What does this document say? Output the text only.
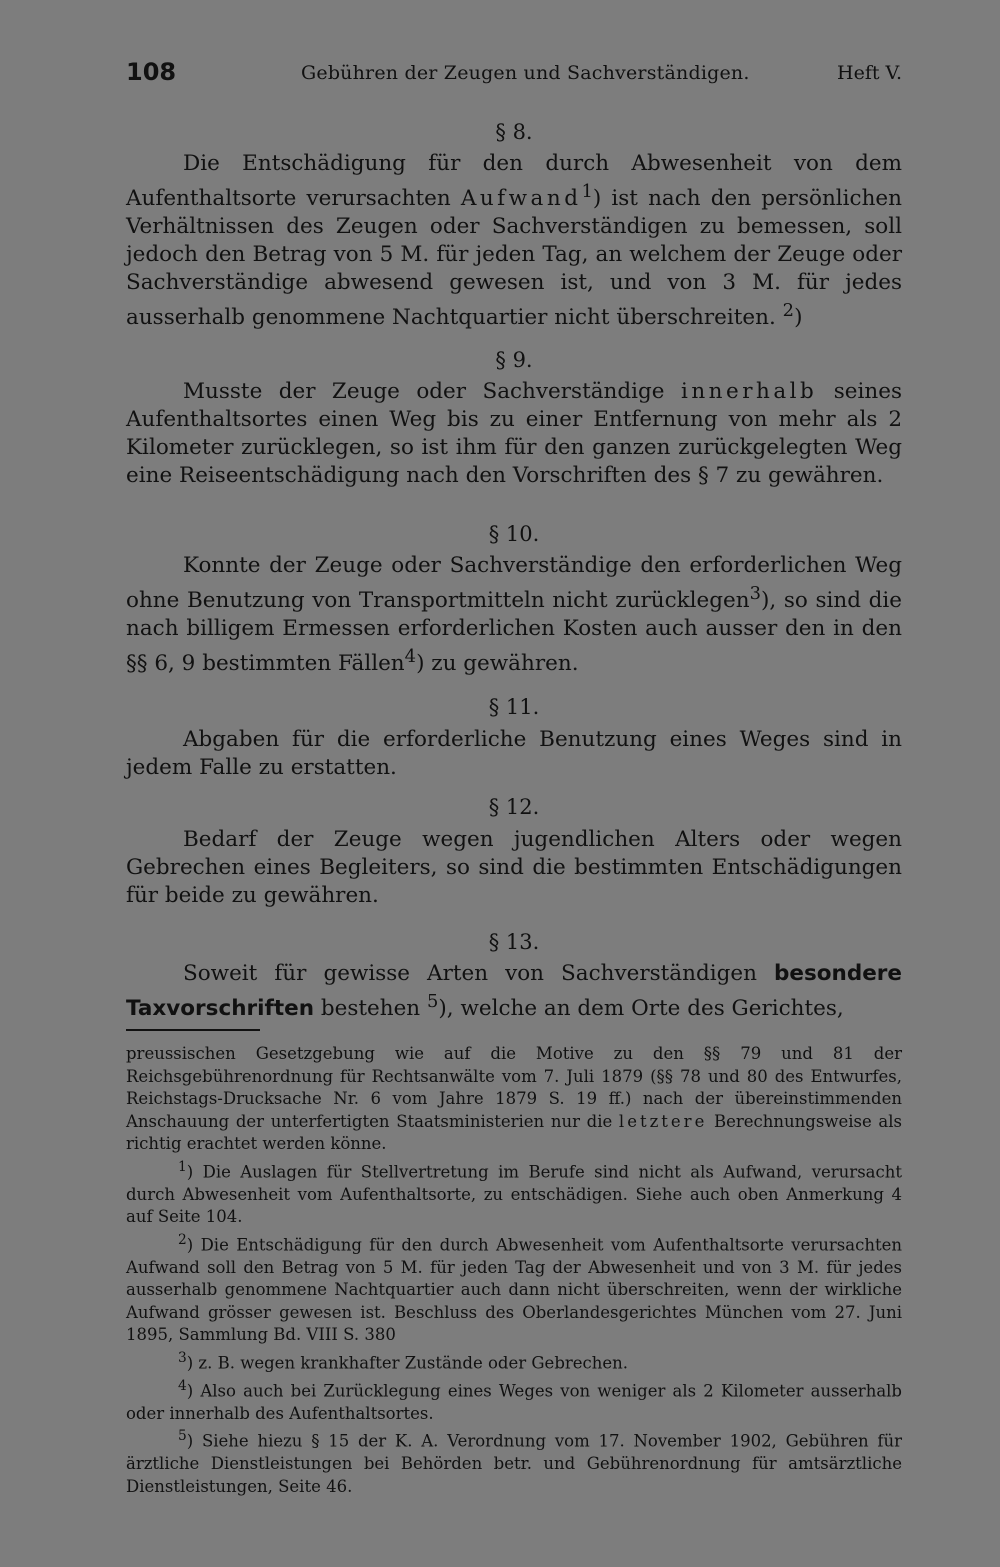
108	Gebühren der Zeugen und Sachverständigen.	Heft V.
§ 8.

Die Entschädigung für den durch Abwesenheit von dem Aufenthaltsorte verursachten Aufwand$^1$) ist nach den persönlichen Verhältnissen des Zeugen oder Sachverständigen zu bemessen, soll jedoch den Betrag von 5 M. für jeden Tag, an welchem der Zeuge oder Sachverständige abwesend gewesen ist, und von 3 M. für jedes ausserhalb genommene Nachtquartier nicht überschreiten. $^2$)

§ 9.

Musste der Zeuge oder Sachverständige innerhalb seines Aufenthaltsortes einen Weg bis zu einer Entfernung von mehr als 2 Kilometer zurücklegen, so ist ihm für den ganzen zurückgelegten Weg eine Reiseentschädigung nach den Vorschriften des § 7 zu gewähren.

§ 10.

Konnte der Zeuge oder Sachverständige den erforderlichen Weg ohne Benutzung von Transportmitteln nicht zurücklegen$^3$), so sind die nach billigem Ermessen erforderlichen Kosten auch ausser den in den §§ 6, 9 bestimmten Fällen$^4$) zu gewähren.

§ 11.

Abgaben für die erforderliche Benutzung eines Weges sind in jedem Falle zu erstatten.

§ 12.

Bedarf der Zeuge wegen jugendlichen Alters oder wegen Gebrechen eines Begleiters, so sind die bestimmten Entschädigungen für beide zu gewähren.

§ 13.

Soweit für gewisse Arten von Sachverständigen besondere Taxvorschriften bestehen $^5$), welche an dem Orte des Gerichtes,

preussischen Gesetzgebung wie auf die Motive zu den §§ 79 und 81 der Reichsgebührenordnung für Rechtsanwälte vom 7. Juli 1879 (§§ 78 und 80 des Entwurfes, Reichstags-Drucksache Nr. 6 vom Jahre 1879 S. 19 ff.) nach der übereinstimmenden Anschauung der unterfertigten Staatsministerien nur die letztere Berechnungsweise als richtig erachtet werden könne.

$^1$) Die Auslagen für Stellvertretung im Berufe sind nicht als Aufwand, verursacht durch Abwesenheit vom Aufenthaltsorte, zu entschädigen. Siehe auch oben Anmerkung 4 auf Seite 104.

$^2$) Die Entschädigung für den durch Abwesenheit vom Aufenthaltsorte verursachten Aufwand soll den Betrag von 5 M. für jeden Tag der Abwesenheit und von 3 M. für jedes ausserhalb genommene Nachtquartier auch dann nicht überschreiten, wenn der wirkliche Aufwand grösser gewesen ist. Beschluss des Oberlandesgerichtes München vom 27. Juni 1895, Sammlung Bd. VIII S. 380

$^3$) z. B. wegen krankhafter Zustände oder Gebrechen.

$^4$) Also auch bei Zurücklegung eines Weges von weniger als 2 Kilometer ausserhalb oder innerhalb des Aufenthaltsortes.

$^5$) Siehe hiezu § 15 der K. A. Verordnung vom 17. November 1902, Gebühren für ärztliche Dienstleistungen bei Behörden betr. und Gebührenordnung für amtsärztliche Dienstleistungen, Seite 46.
